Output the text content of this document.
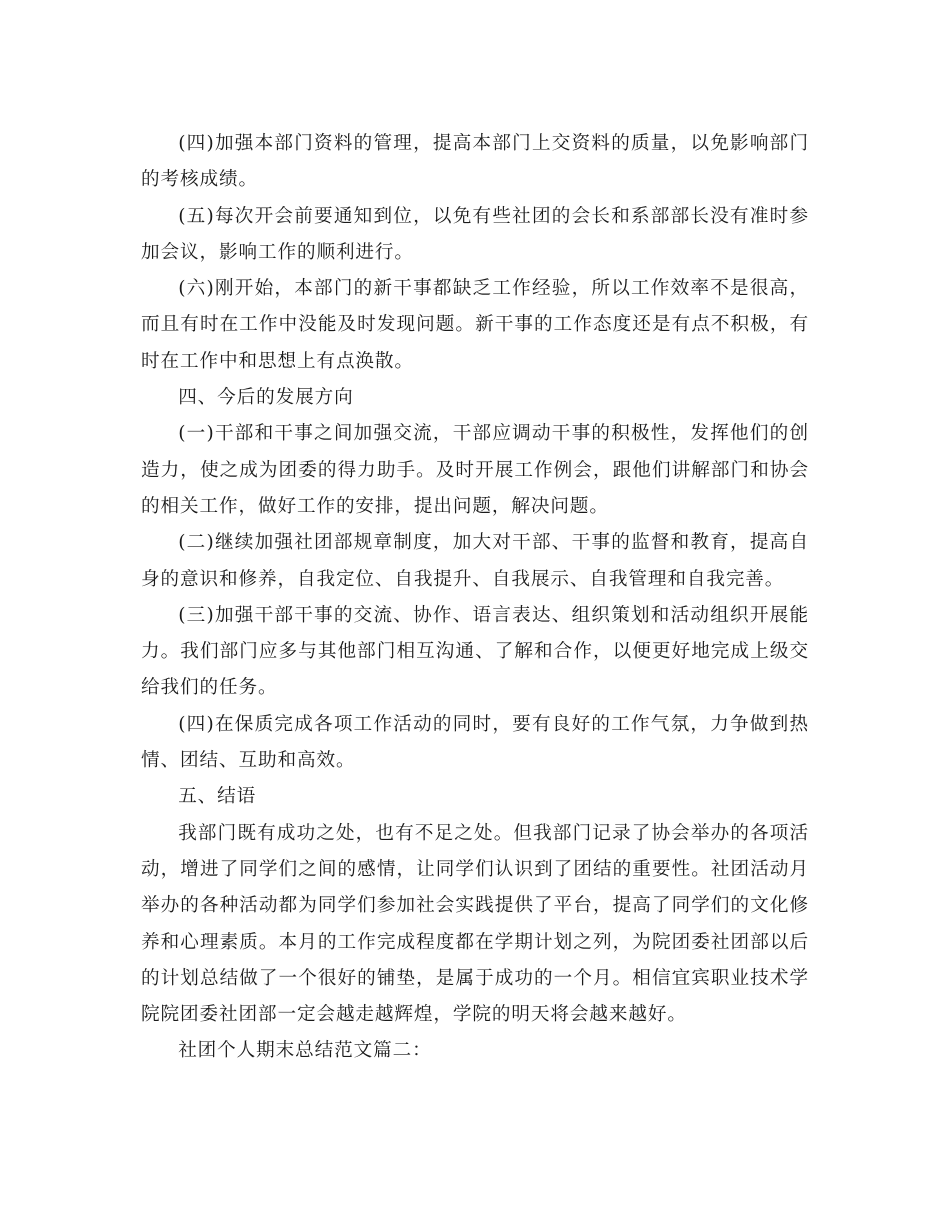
(四)加强本部门资料的管理，提高本部门上交资料的质量，以免影响部门的考核成绩。

(五)每次开会前要通知到位，以免有些社团的会长和系部部长没有准时参加会议，影响工作的顺利进行。

(六)刚开始，本部门的新干事都缺乏工作经验，所以工作效率不是很高，而且有时在工作中没能及时发现问题。新干事的工作态度还是有点不积极，有时在工作中和思想上有点涣散。

四、今后的发展方向

(一)干部和干事之间加强交流，干部应调动干事的积极性，发挥他们的创造力，使之成为团委的得力助手。及时开展工作例会，跟他们讲解部门和协会的相关工作，做好工作的安排，提出问题，解决问题。

(二)继续加强社团部规章制度，加大对干部、干事的监督和教育，提高自身的意识和修养，自我定位、自我提升、自我展示、自我管理和自我完善。

(三)加强干部干事的交流、协作、语言表达、组织策划和活动组织开展能力。我们部门应多与其他部门相互沟通、了解和合作，以便更好地完成上级交给我们的任务。

(四)在保质完成各项工作活动的同时，要有良好的工作气氛，力争做到热情、团结、互助和高效。

五、结语

我部门既有成功之处，也有不足之处。但我部门记录了协会举办的各项活动，增进了同学们之间的感情，让同学们认识到了团结的重要性。社团活动月举办的各种活动都为同学们参加社会实践提供了平台，提高了同学们的文化修养和心理素质。本月的工作完成程度都在学期计划之列，为院团委社团部以后的计划总结做了一个很好的铺垫，是属于成功的一个月。相信宜宾职业技术学院院团委社团部一定会越走越辉煌，学院的明天将会越来越好。

社团个人期末总结范文篇二：
